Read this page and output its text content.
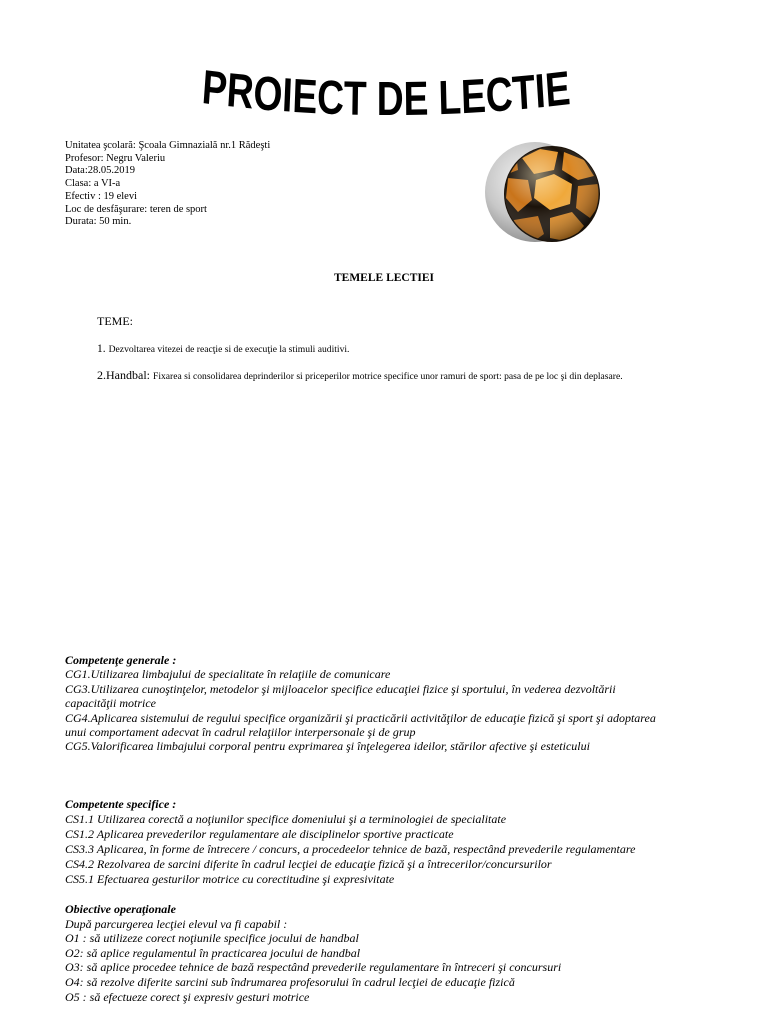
PROIECT DE LECTIE
Unitatea şcolară: Şcoala Gimnazială nr.1 Rădeşti
Profesor: Negru Valeriu
Data:28.05.2019
Clasa: a VI-a
Efectiv : 19 elevi
Loc de desfăşurare: teren de sport
Durata: 50 min.
TEMELE LECTIEI
TEME:
1. Dezvoltarea vitezei de reacţie si de execuţie la stimuli auditivi.
2.Handbal: Fixarea si consolidarea deprinderilor si priceperilor motrice specifice unor ramuri de sport: pasa de pe loc şi din deplasare.
Competenţe generale :
CG1.Utilizarea limbajului de specialitate în relaţiile de comunicare
CG3.Utilizarea cunoştinţelor, metodelor şi mijloacelor specifice educaţiei fizice şi sportului, în vederea dezvoltării
capacităţii motrice
CG4.Aplicarea sistemului de regului specifice organizării şi practicării activităţilor de educaţie fizică şi sport şi adoptarea
unui comportament adecvat în cadrul relaţiilor interpersonale şi de grup
CG5.Valorificarea limbajului corporal pentru exprimarea şi înţelegerea ideilor, stărilor afective şi esteticului
Competente specifice :
CS1.1 Utilizarea corectă a noţiunilor specifice domeniului şi a terminologiei de specialitate
CS1.2 Aplicarea prevederilor regulamentare ale disciplinelor sportive practicate
CS3.3 Aplicarea, în forme de întrecere / concurs, a procedeelor tehnice de bază, respectând prevederile regulamentare
CS4.2 Rezolvarea de sarcini diferite în cadrul lecţiei de educaţie fizică şi a întrecerilor/concursurilor
CS5.1 Efectuarea gesturilor motrice cu corectitudine şi expresivitate
Obiective operaţionale
După parcurgerea lecţiei elevul va fi capabil :
O1 : să utilizeze corect noţiunile specifice jocului de handbal
O2: să aplice regulamentul în practicarea jocului de handbal
O3: să aplice procedee tehnice de bază respectând prevederile regulamentare în întreceri şi concursuri
O4: să rezolve diferite sarcini sub îndrumarea profesorului în cadrul lecţiei de educaţie fizică
O5 : să efectueze corect şi expresiv gesturi motrice
